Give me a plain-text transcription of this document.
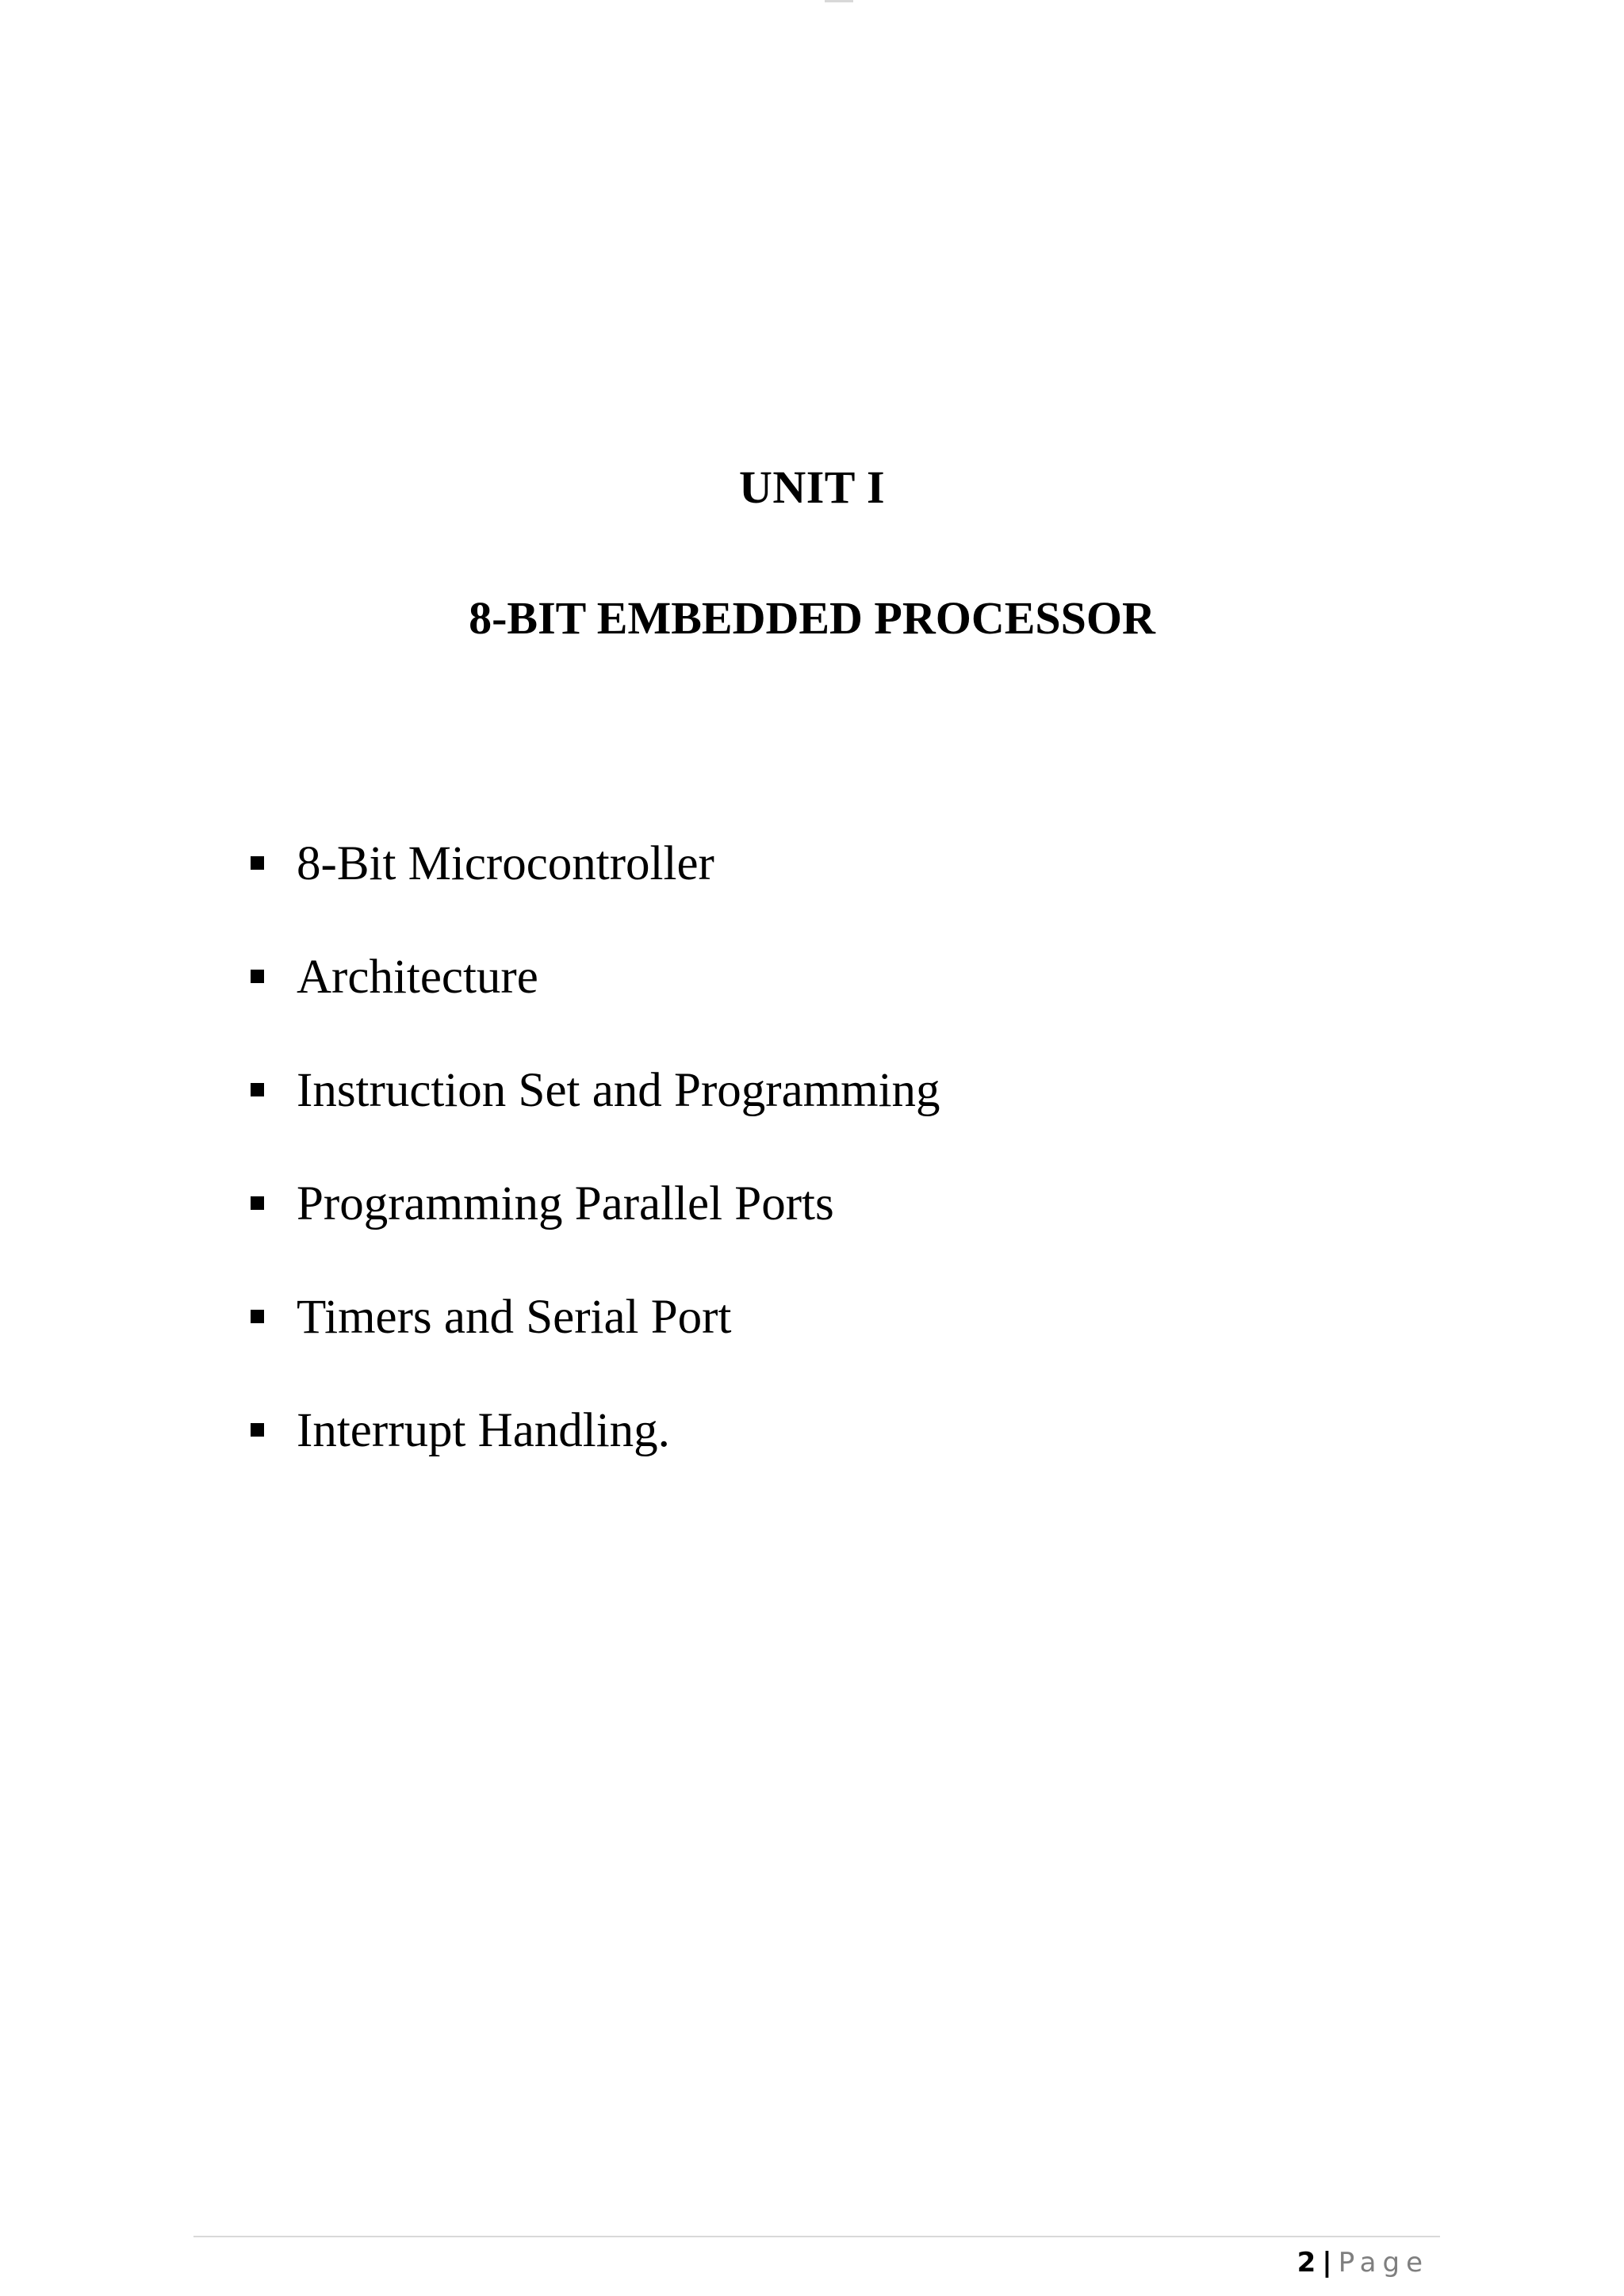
UNIT I
8-BIT EMBEDDED PROCESSOR
8-Bit Microcontroller
Architecture
Instruction Set and Programming
Programming Parallel Ports
Timers and Serial Port
Interrupt Handling.
2 | Page
